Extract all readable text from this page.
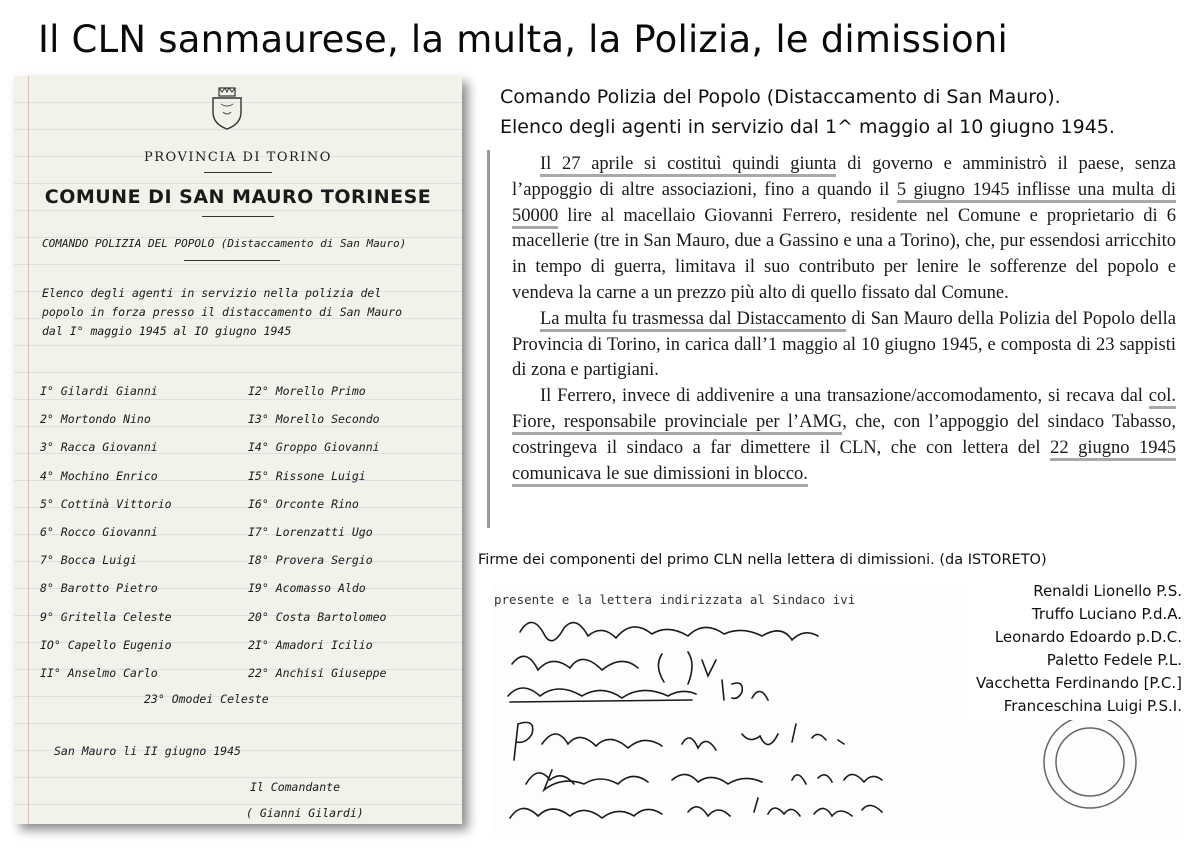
Il CLN sanmaurese, la multa, la Polizia, le dimissioni
PROVINCIA DI TORINO
COMUNE DI SAN MAURO TORINESE
COMANDO POLIZIA DEL POPOLO (Distaccamento di San Mauro)
Elenco degli agenti in servizio nella polizia del
popolo in forza presso il distaccamento di San Mauro
dal I° maggio 1945 al IO giugno 1945
I° Gilardi Gianni
2° Mortondo Nino
3° Racca Giovanni
4° Mochino Enrico
5° Cottinà Vittorio
6° Rocco Giovanni
7° Bocca Luigi
8° Barotto Pietro
9° Gritella Celeste
IO° Capello Eugenio
II° Anselmo Carlo
I2° Morello Primo
I3° Morello Secondo
I4° Groppo Giovanni
I5° Rissone Luigi
I6° Orconte Rino
I7° Lorenzatti Ugo
I8° Provera Sergio
I9° Acomasso Aldo
20° Costa Bartolomeo
2I° Amadori Icilio
22° Anchisi Giuseppe
23° Omodei Celeste
San Mauro li II giugno 1945
Il Comandante
( Gianni Gilardi)
Comando Polizia del Popolo (Distaccamento di San Mauro).
Elenco degli agenti in servizio dal 1^ maggio al 10 giugno 1945.

Il 27 aprile si costituì quindi giunta di governo e amministrò il paese, senza l’appoggio di altre associazioni, fino a quando il 5 giugno 1945 inflisse una multa di 50000 lire al macellaio Giovanni Ferrero, residente nel Comune e proprietario di 6 macellerie (tre in San Mauro, due a Gassino e una a Torino), che, pur essendosi arricchito in tempo di guerra, limitava il suo contributo per lenire le sofferenze del popolo e vendeva la carne a un prezzo più alto di quello fissato dal Comune.

La multa fu trasmessa dal Distaccamento di San Mauro della Polizia del Popolo della Provincia di Torino, in carica dall’1 maggio al 10 giugno 1945, e composta di 23 sappisti di zona e partigiani.

Il Ferrero, invece di addivenire a una transazione/accomodamento, si recava dal col. Fiore, responsabile provinciale per l’AMG, che, con l’appoggio del sindaco Tabasso, costringeva il sindaco a far dimettere il CLN, che con lettera del 22 giugno 1945 comunicava le sue dimissioni in blocco.

Firme dei componenti del primo CLN nella lettera di dimissioni. (da ISTORETO)
presente e la lettera indirizzata al Sindaco ivi	Renaldi Lionello P.S.
Truffo Luciano P.d.A.
Leonardo Edoardo p.D.C.
Paletto Fedele P.L.
Vacchetta Ferdinando [P.C.]
Franceschina Luigi P.S.I.
